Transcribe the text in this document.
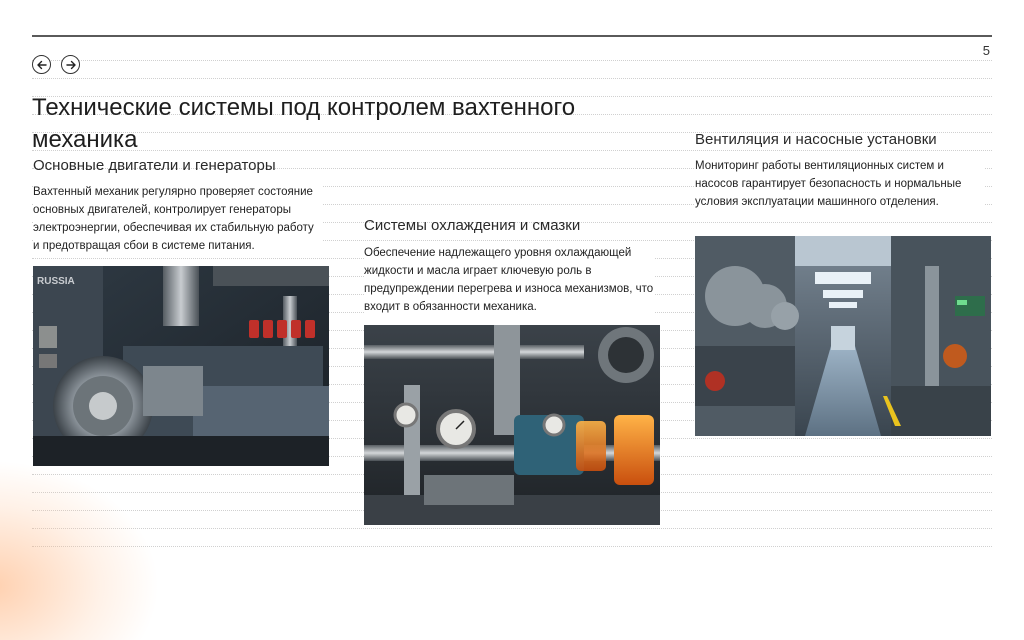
5
Технические системы под контролем вахтенного механика
Основные двигатели и генераторы

Вахтенный механик регулярно проверяет состояние основных двигателей, контролирует генераторы электроэнергии, обеспечивая их стабильную работу и предотвращая сбои в системе питания.

RUSSIA
Системы охлаждения и смазки

Обеспечение надлежащего уровня охлаждающей жидкости и масла играет ключевую роль в предупреждении перегрева и износа механизмов, что входит в обязанности механика.

Вентиляция и насосные установки

Мониторинг работы вентиляционных систем и насосов гарантирует безопасность и нормальные условия эксплуатации машинного отделения.
